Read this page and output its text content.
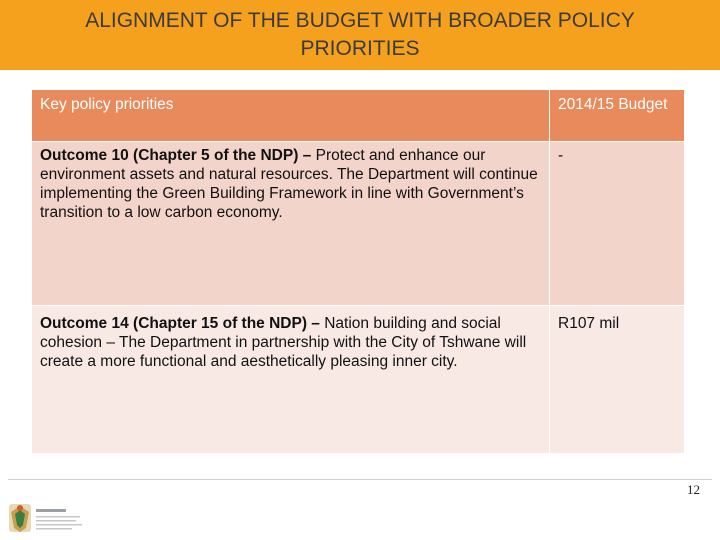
ALIGNMENT OF THE BUDGET WITH BROADER POLICY PRIORITIES
Key policy priorities	2014/15 Budget
Outcome 10 (Chapter 5 of the NDP) – Protect and enhance our environment assets and natural resources. The Department will continue implementing the Green Building Framework in line with Government’s transition to a low carbon economy.	-
Outcome 14 (Chapter 15 of the NDP) – Nation building and social cohesion – The Department in partnership with the City of Tshwane will create a more functional and aesthetically pleasing inner city.	R107 mil
12
